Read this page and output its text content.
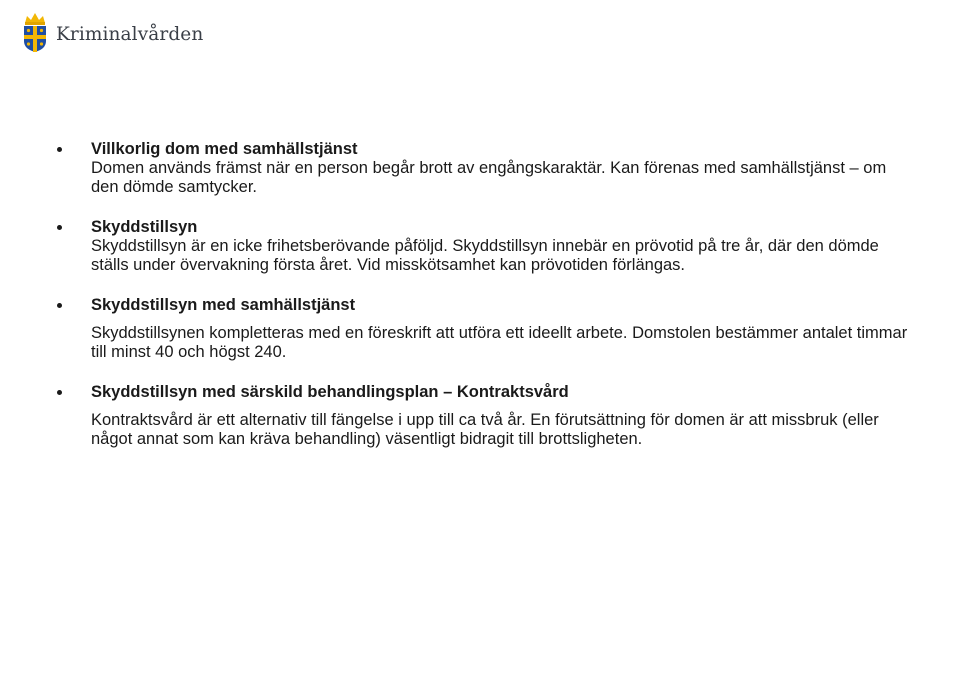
Kriminalvården
Villkorlig dom med samhällstjänst
Domen används främst när en person begår brott av engångskaraktär. Kan förenas med samhällstjänst – om den dömde samtycker.
Skyddstillsyn
Skyddstillsyn är en icke frihetsberövande påföljd. Skyddstillsyn innebär en prövotid på tre år, där den dömde ställs under övervakning första året. Vid misskötsamhet kan prövotiden förlängas.
Skyddstillsyn med samhällstjänst
Skyddstillsynen kompletteras med en föreskrift att utföra ett ideellt arbete. Domstolen bestämmer antalet timmar till minst 40 och högst 240.
Skyddstillsyn med särskild behandlingsplan – Kontraktsvård
Kontraktsvård är ett alternativ till fängelse i upp till ca två år. En förutsättning för domen är att missbruk (eller något annat som kan kräva behandling) väsentligt bidragit till brottsligheten.
